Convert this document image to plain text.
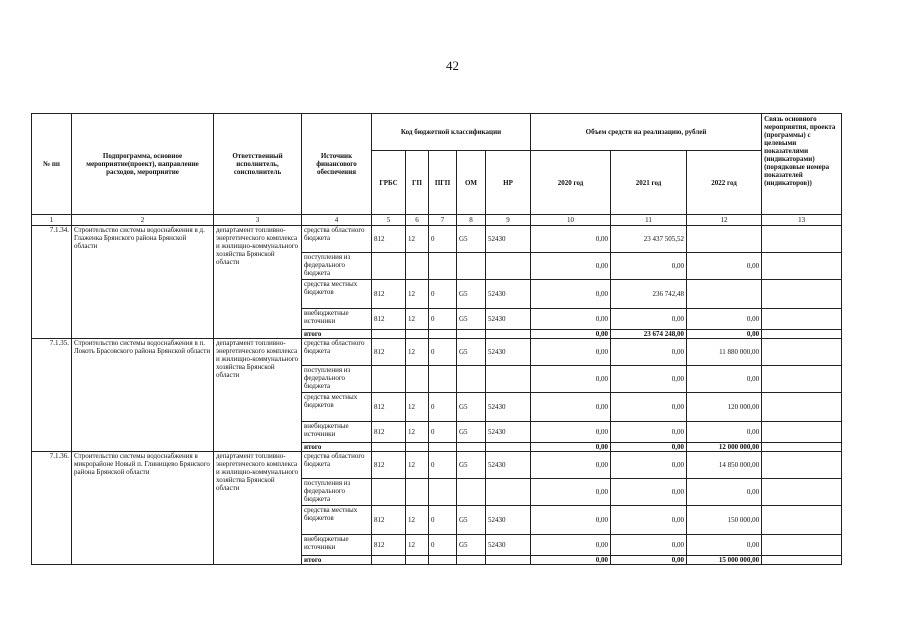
42
№ пп	Подпрограмма, основное мероприятие(проект), направление расходов, мероприятие	Ответственный исполнитель, соисполнитель	Источник финансового обеспечения	Код бюджетной классификации					Объем средств на реализацию, рублей			Связь основного мероприятия, проекта (программы) с целевыми показателями (индикаторами) (порядковые номера показателей (индикаторов))
				ГРБС	ГП	ПГП	ОМ	НР	2020 год	2021 год	2022 год	
1	2	3	4	5	6	7	8	9	10	11	12	13
7.1.34.	Строительство системы водоснабжения в д. Глаженка Брянского района Брянской области	департамент топливно-энергетического комплекса и жилищно-коммунального хозяйства Брянской области	средства областного бюджета	812	12	0	G5	52430	0,00	23 437 505,52		
			поступления из федерального бюджета						0,00	0,00	0,00	
			средства местных бюджетов	812	12	0	G5	52430	0,00	236 742,48		
			внебюджетные источники	812	12	0	G5	52430	0,00	0,00	0,00	
			итого						0,00	23 674 248,00	0,00	
7.1.35.	Строительство системы водоснабжения в п. Локоть Брасовского района Брянской области	департамент топливно-энергетического комплекса и жилищно-коммунального хозяйства Брянской области	средства областного бюджета	812	12	0	G5	52430	0,00	0,00	11 880 000,00	
			поступления из федерального бюджета						0,00	0,00	0,00	
			средства местных бюджетов	812	12	0	G5	52430	0,00	0,00	120 000,00	
			внебюджетные источники	812	12	0	G5	52430	0,00	0,00	0,00	
			итого						0,00	0,00	12 000 000,00	
7.1.36.	Строительство системы водоснабжения в микрорайоне Новый п. Глинищево Брянского района Брянской области	департамент топливно-энергетического комплекса и жилищно-коммунального хозяйства Брянской области	средства областного бюджета	812	12	0	G5	52430	0,00	0,00	14 850 000,00	
			поступления из федерального бюджета						0,00	0,00	0,00	
			средства местных бюджетов	812	12	0	G5	52430	0,00	0,00	150 000,00	
			внебюджетные источники	812	12	0	G5	52430	0,00	0,00	0,00	
			итого						0,00	0,00	15 000 000,00	
